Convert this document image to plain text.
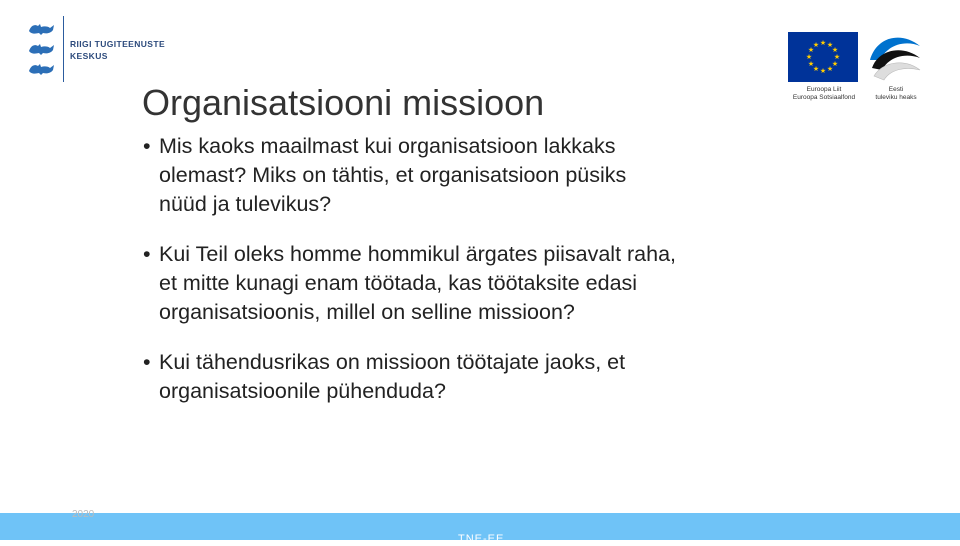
RIIGI TUGITEENUSTE
KESKUS
★ ★
★
★
★
★
★
★
★
★
★
★
Euroopa Liit
Euroopa Sotsiaalfond
Eesti
tuleviku heaks
Organisatsiooni missioon
• Mis kaoks maailmast kui organisatsioon lakkaks
olemast? Miks on tähtis, et organisatsioon püsiks
nüüd ja tulevikus?
• Kui Teil oleks homme hommikul ärgates piisavalt raha,
et mitte kunagi enam töötada, kas töötaksite edasi
organisatsioonis, millel on selline missioon?
• Kui tähendusrikas on missioon töötajate jaoks, et
organisatsioonile pühenduda?
2020
TNE-EE
